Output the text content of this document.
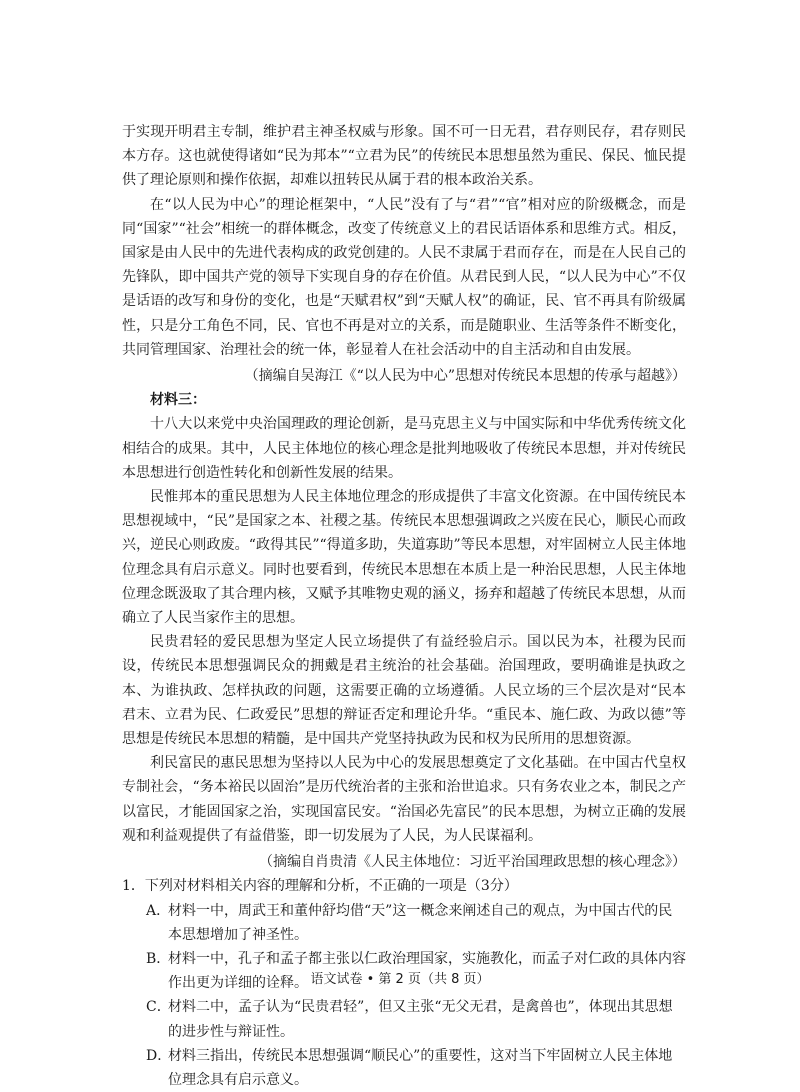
于实现开明君主专制，维护君主神圣权威与形象。国不可一日无君，君存则民存，君存则民本方存。这也就使得诸如“民为邦本”“立君为民”的传统民本思想虽然为重民、保民、恤民提供了理论原则和操作依据，却难以扭转民从属于君的根本政治关系。

在“以人民为中心”的理论框架中，“人民”没有了与“君”“官”相对应的阶级概念，而是同“国家”“社会”相统一的群体概念，改变了传统意义上的君民话语体系和思维方式。相反，国家是由人民中的先进代表构成的政党创建的。人民不隶属于君而存在，而是在人民自己的先锋队，即中国共产党的领导下实现自身的存在价值。从君民到人民，“以人民为中心”不仅是话语的改写和身份的变化，也是“天赋君权”到“天赋人权”的确证，民、官不再具有阶级属性，只是分工角色不同，民、官也不再是对立的关系，而是随职业、生活等条件不断变化，共同管理国家、治理社会的统一体，彰显着人在社会活动中的自主活动和自由发展。

（摘编自吴海江《“以人民为中心”思想对传统民本思想的传承与超越》）

材料三：

十八大以来党中央治国理政的理论创新，是马克思主义与中国实际和中华优秀传统文化相结合的成果。其中，人民主体地位的核心理念是批判地吸收了传统民本思想，并对传统民本思想进行创造性转化和创新性发展的结果。

民惟邦本的重民思想为人民主体地位理念的形成提供了丰富文化资源。在中国传统民本思想视域中，“民”是国家之本、社稷之基。传统民本思想强调政之兴废在民心，顺民心而政兴，逆民心则政废。“政得其民”“得道多助，失道寡助”等民本思想，对牢固树立人民主体地位理念具有启示意义。同时也要看到，传统民本思想在本质上是一种治民思想，人民主体地位理念既汲取了其合理内核，又赋予其唯物史观的涵义，扬弃和超越了传统民本思想，从而确立了人民当家作主的思想。

民贵君轻的爱民思想为坚定人民立场提供了有益经验启示。国以民为本，社稷为民而设，传统民本思想强调民众的拥戴是君主统治的社会基础。治国理政，要明确谁是执政之本、为谁执政、怎样执政的问题，这需要正确的立场遵循。人民立场的三个层次是对“民本君末、立君为民、仁政爱民”思想的辩证否定和理论升华。“重民本、施仁政、为政以德”等思想是传统民本思想的精髓，是中国共产党坚持执政为民和权为民所用的思想资源。

利民富民的惠民思想为坚持以人民为中心的发展思想奠定了文化基础。在中国古代皇权专制社会，“务本裕民以固治”是历代统治者的主张和治世追求。只有务农业之本，制民之产以富民，才能固国家之治，实现国富民安。“治国必先富民”的民本思想，为树立正确的发展观和利益观提供了有益借鉴，即一切发展为了人民，为人民谋福利。

（摘编自肖贵清《人民主体地位：习近平治国理政思想的核心理念》）

1．下列对材料相关内容的理解和分析，不正确的一项是（3分）

A．
材料一中，周武王和董仲舒均借“天”这一概念来阐述自己的观点，为中国古代的民本思想增加了神圣性。
B．
材料一中，孔子和孟子都主张以仁政治理国家，实施教化，而孟子对仁政的具体内容作出更为详细的诠释。
C．
材料二中，孟子认为“民贵君轻”，但又主张“无父无君，是禽兽也”，体现出其思想的进步性与辩证性。
D．
材料三指出，传统民本思想强调“顺民心”的重要性，这对当下牢固树立人民主体地位理念具有启示意义。
语文试卷 • 第 2 页（共 8 页）
